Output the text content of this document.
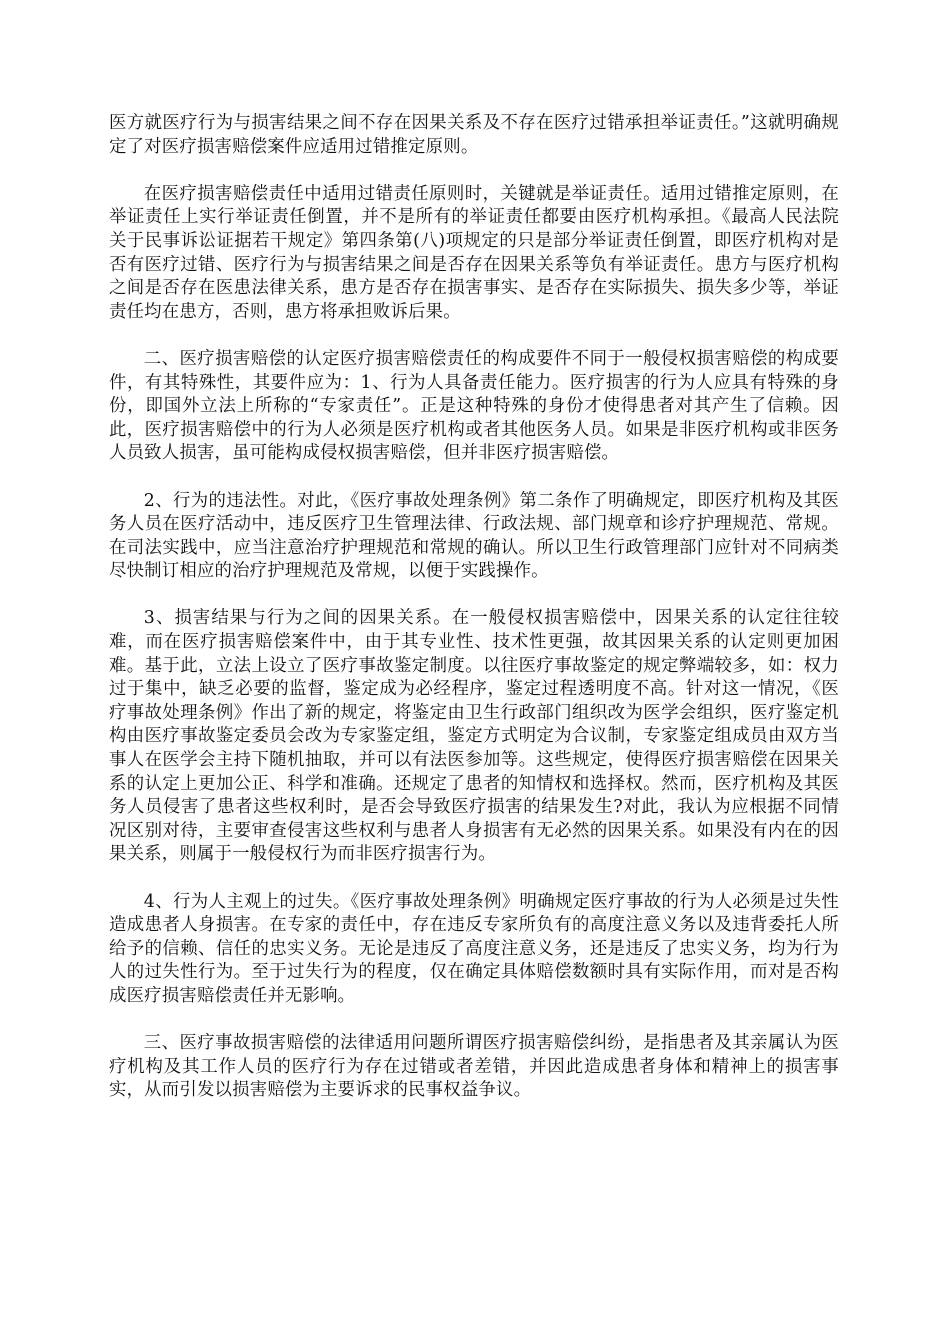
医方就医疗行为与损害结果之间不存在因果关系及不存在医疗过错承担举证责任。”这就明确规定了对医疗损害赔偿案件应适用过错推定原则。

在医疗损害赔偿责任中适用过错责任原则时，关键就是举证责任。适用过错推定原则，在举证责任上实行举证责任倒置，并不是所有的举证责任都要由医疗机构承担。《最高人民法院关于民事诉讼证据若干规定》第四条第(八)项规定的只是部分举证责任倒置，即医疗机构对是否有医疗过错、医疗行为与损害结果之间是否存在因果关系等负有举证责任。患方与医疗机构之间是否存在医患法律关系，患方是否存在损害事实、是否存在实际损失、损失多少等，举证责任均在患方，否则，患方将承担败诉后果。

二、医疗损害赔偿的认定医疗损害赔偿责任的构成要件不同于一般侵权损害赔偿的构成要件，有其特殊性，其要件应为：1、行为人具备责任能力。医疗损害的行为人应具有特殊的身份，即国外立法上所称的“专家责任”。正是这种特殊的身份才使得患者对其产生了信赖。因此，医疗损害赔偿中的行为人必须是医疗机构或者其他医务人员。如果是非医疗机构或非医务人员致人损害，虽可能构成侵权损害赔偿，但并非医疗损害赔偿。

2、行为的违法性。对此，《医疗事故处理条例》第二条作了明确规定，即医疗机构及其医务人员在医疗活动中，违反医疗卫生管理法律、行政法规、部门规章和诊疗护理规范、常规。在司法实践中，应当注意治疗护理规范和常规的确认。所以卫生行政管理部门应针对不同病类尽快制订相应的治疗护理规范及常规，以便于实践操作。

3、损害结果与行为之间的因果关系。在一般侵权损害赔偿中，因果关系的认定往往较难，而在医疗损害赔偿案件中，由于其专业性、技术性更强，故其因果关系的认定则更加困难。基于此，立法上设立了医疗事故鉴定制度。以往医疗事故鉴定的规定弊端较多，如：权力过于集中，缺乏必要的监督，鉴定成为必经程序，鉴定过程透明度不高。针对这一情况，《医疗事故处理条例》作出了新的规定，将鉴定由卫生行政部门组织改为医学会组织，医疗鉴定机构由医疗事故鉴定委员会改为专家鉴定组，鉴定方式明定为合议制，专家鉴定组成员由双方当事人在医学会主持下随机抽取，并可以有法医参加等。这些规定，使得医疗损害赔偿在因果关系的认定上更加公正、科学和准确。还规定了患者的知情权和选择权。然而，医疗机构及其医务人员侵害了患者这些权利时，是否会导致医疗损害的结果发生?对此，我认为应根据不同情况区别对待，主要审查侵害这些权利与患者人身损害有无必然的因果关系。如果没有内在的因果关系，则属于一般侵权行为而非医疗损害行为。

4、行为人主观上的过失。《医疗事故处理条例》明确规定医疗事故的行为人必须是过失性造成患者人身损害。在专家的责任中，存在违反专家所负有的高度注意义务以及违背委托人所给予的信赖、信任的忠实义务。无论是违反了高度注意义务，还是违反了忠实义务，均为行为人的过失性行为。至于过失行为的程度，仅在确定具体赔偿数额时具有实际作用，而对是否构成医疗损害赔偿责任并无影响。

三、医疗事故损害赔偿的法律适用问题所谓医疗损害赔偿纠纷，是指患者及其亲属认为医疗机构及其工作人员的医疗行为存在过错或者差错，并因此造成患者身体和精神上的损害事实，从而引发以损害赔偿为主要诉求的民事权益争议。
